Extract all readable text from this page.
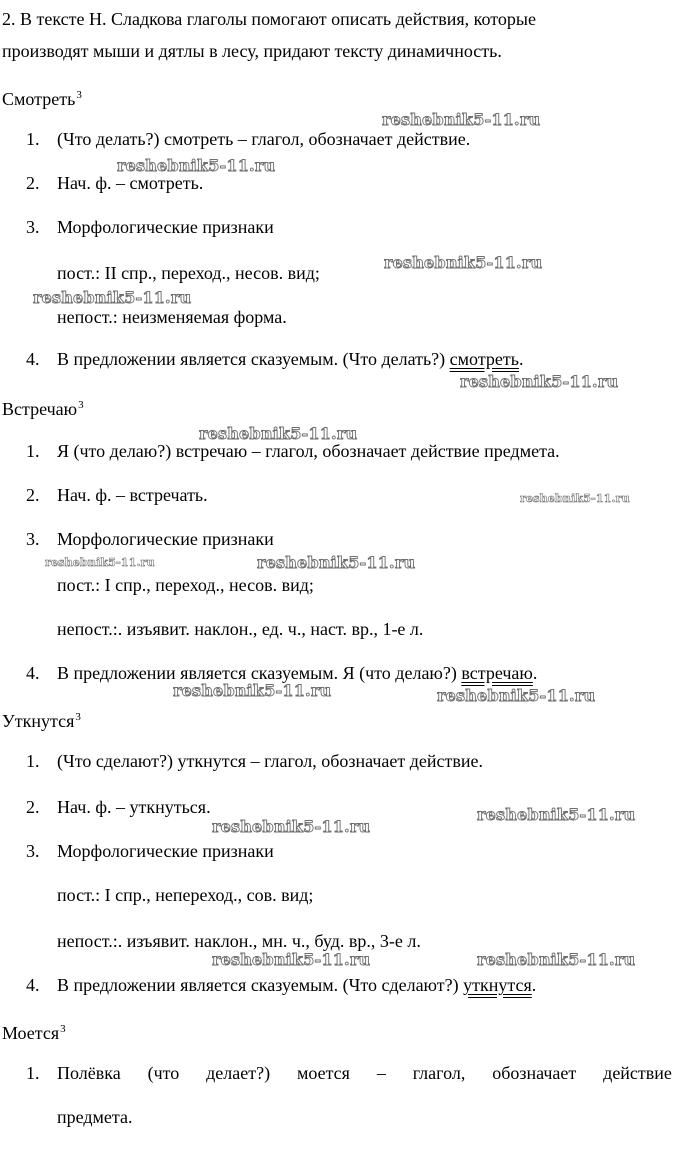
2. В тексте Н. Сладкова глаголы помогают описать действия, которые
производят мыши и дятлы в лесу, придают тексту динамичность.
Смотреть$^3$
1. (Что делать?) смотреть – глагол, обозначает действие.
2. Нач. ф. – смотреть.
3. Морфологические признаки
пост.: II спр., переход., несов. вид;
непост.: неизменяемая форма.
4. В предложении является сказуемым. (Что делать?) смотреть.
Встречаю$^3$
1. Я (что делаю?) встречаю – глагол, обозначает действие предмета.
2. Нач. ф. – встречать.
3. Морфологические признаки
пост.: I спр., переход., несов. вид;
непост.:. изъявит. наклон., ед. ч., наст. вр., 1-е л.
4. В предложении является сказуемым. Я (что делаю?) встречаю.
Уткнутся$^3$
1. (Что сделают?) уткнутся – глагол, обозначает действие.
2. Нач. ф. – уткнуться.
3. Морфологические признаки
пост.: I спр., непереход., сов. вид;
непост.:. изъявит. наклон., мн. ч., буд. вр., 3-е л.
4. В предложении является сказуемым. (Что сделают?) уткнутся.
Моется$^3$
1. Полёвка (что делает?) моется – глагол, обозначает действие
предмета.
reshebnik5-11.ru
reshebnik5-11.ru
reshebnik5-11.ru
reshebnik5-11.ru
reshebnik5-11.ru
reshebnik5-11.ru
reshebnik5-11.ru
reshebnik5-11.ru	reshebnik5-11.ru
reshebnik5-11.ru	reshebnik5-11.ru
reshebnik5-11.ru
reshebnik5-11.ru
reshebnik5-11.ru	reshebnik5-11.ru
